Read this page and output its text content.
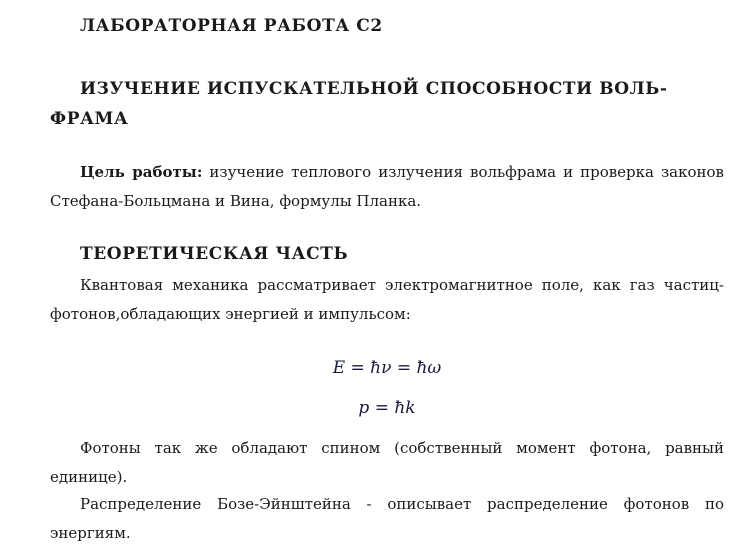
ЛАБОРАТОРНАЯ РАБОТА С2

ИЗУЧЕНИЕ ИСПУСКАТЕЛЬНОЙ СПОСОБНОСТИ ВОЛЬ-
ФРАМА

Цель работы: изучение теплового излучения вольфрама и проверка законов Стефана-Больцмана и Вина, формулы Планка.

ТЕОРЕТИЧЕСКАЯ ЧАСТЬ

Квантовая механика рассматривает электромагнитное поле, как газ частиц-фотонов,обладающих энергией и импульсом:

E = ħν = ħω

p = ħk

Фотоны так же обладают спином (собственный момент фотона, равный единице).

Распределение Бозе-Эйнштейна - описывает распределение фотонов по энергиям.
